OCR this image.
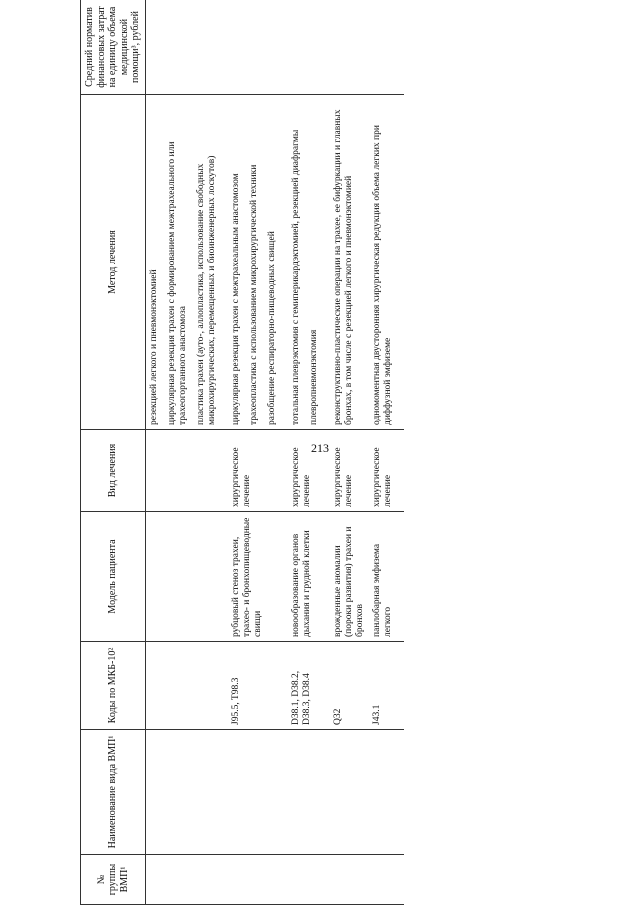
213
№ группы ВМП¹	Наименование вида ВМП¹	Коды по МКБ-10²	Модель пациента	Вид лечения	Метод лечения	Средний норматив финансовых затрат на единицу объема медицинской помощи³, рублей

					резекцией легкого и пневмонэктомией циркулярная резекция трахеи с формированием межтрахеального или трахеогортанного анастомоза пластика трахеи (ауто-, аллопластика, использование свободных микрохирургических, перемещенных и биоинженерных лоскутов)	

		J95.5, T98.3	рубцовый стеноз трахеи, трахео- и бронхопищеводные свищи	хирургическое лечение	циркулярная резекция трахеи с межтрахеальным анастомозом трахеопластика с использованием микрохирургической техники разобщение респираторно-пищеводных свищей	

		D38.1, D38.2, D38.3, D38.4	новообразование органов дыхания и грудной клетки	хирургическое лечение	тотальная плеврэктомия с гемиперикардэктомией, резекцией диафрагмы плевропневмонэктомия	

		Q32	врожденные аномалии (пороки развития) трахеи и бронхов	хирургическое лечение	реконструктивно-пластические операции на трахее, ее бифуркации и главных бронхах, в том числе с резекцией легкого и пневмонэктомией	

		J43.1	панлобарная эмфизема легкого	хирургическое лечение	одномоментная двусторонняя хирургическая редукция объема легких при диффузной эмфиземе	
